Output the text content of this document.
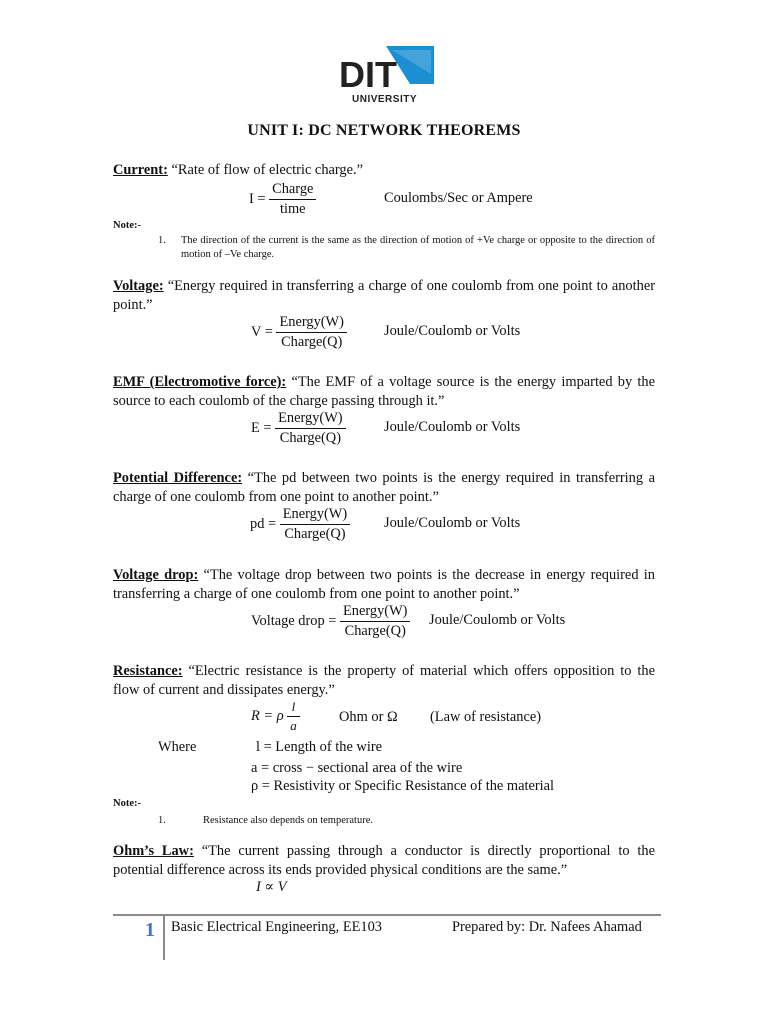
DIT
UNIVERSITY
UNIT I: DC NETWORK THEOREMS
Current: “Rate of flow of electric charge.”
$I = \frac{\text{Charge}}{\text{time}}$	Coulombs/Sec or Ampere
Note:-
1. The direction of the current is the same as the direction of motion of +Ve charge or opposite to the direction of motion of –Ve charge.
Voltage: “Energy required in transferring a charge of one coulomb from one point to another point.”
$V = \frac{\text{Energy(W)}}{\text{Charge(Q)}}$	Joule/Coulomb or Volts
EMF (Electromotive force): “The EMF of a voltage source is the energy imparted by the source to each coulomb of the charge passing through it.”
$E = \frac{\text{Energy(W)}}{\text{Charge(Q)}}$	Joule/Coulomb or Volts
Potential Difference: “The pd between two points is the energy required in transferring a charge of one coulomb from one point to another point.”
pd = $\frac{\text{Energy(W)}}{\text{Charge(Q)}}$ Joule/Coulomb or Volts
Voltage drop: “The voltage drop between two points is the decrease in energy required in transferring a charge of one coulomb from one point to another point.”
Voltage drop = $\frac{\text{Energy(W)}}{\text{Charge(Q)}}$ Joule/Coulomb or Volts
Resistance: “Electric resistance is the property of material which offers opposition to the flow of current and dissipates energy.”
R = ρ $\frac{l}{a}$	Ohm or Ω (Law of resistance)
Where	l = Length of the wire
a = cross − sectional area of the wire
ρ = Resistivity or Specific Resistance of the material
Note:-
1.	Resistance also depends on temperature.
Ohm’s Law: “The current passing through a conductor is directly proportional to the potential difference across its ends provided physical conditions are the same.”
I ∝ V
1 Basic Electrical Engineering, EE103	Prepared by: Dr. Nafees Ahamad
